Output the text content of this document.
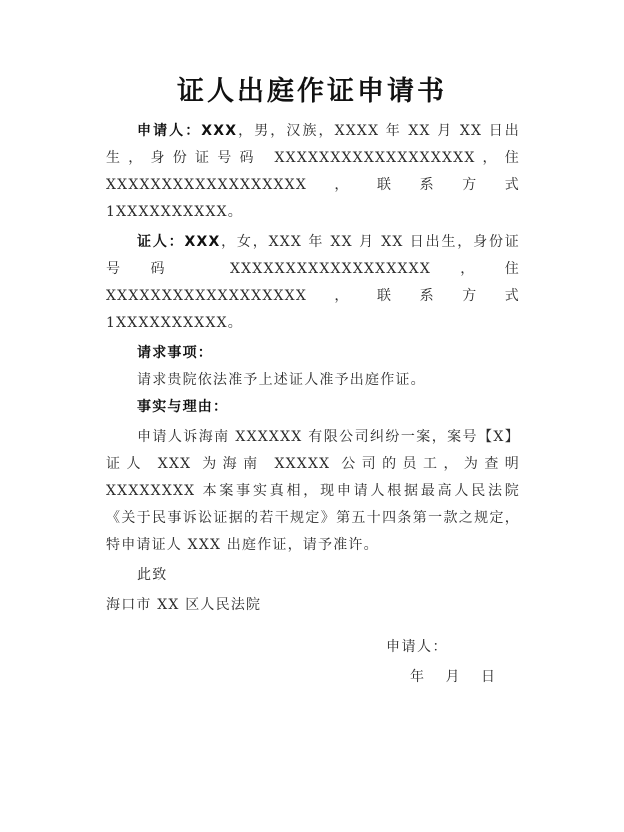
证人出庭作证申请书

申请人：XXX，男，汉族，XXXX 年 XX 月 XX 日出生，身份证号码 XXXXXXXXXXXXXXXXXX，住 XXXXXXXXXXXXXXXXXX，联系方式 1XXXXXXXXXX。

证人：XXX，女，XXX 年 XX 月 XX 日出生，身份证号码 XXXXXXXXXXXXXXXXXX，住 XXXXXXXXXXXXXXXXXX，联系方式 1XXXXXXXXXX。

请求事项：

请求贵院依法准予上述证人准予出庭作证。

事实与理由：

申请人诉海南 XXXXXX 有限公司纠纷一案，案号【X】证人 XXX 为海南 XXXXX 公司的员工，为查明 XXXXXXXX 本案事实真相，现申请人根据最高人民法院《关于民事诉讼证据的若干规定》第五十四条第一款之规定，特申请证人 XXX 出庭作证，请予准许。

此致

海口市 XX 区人民法院

申请人：
年 月 日
